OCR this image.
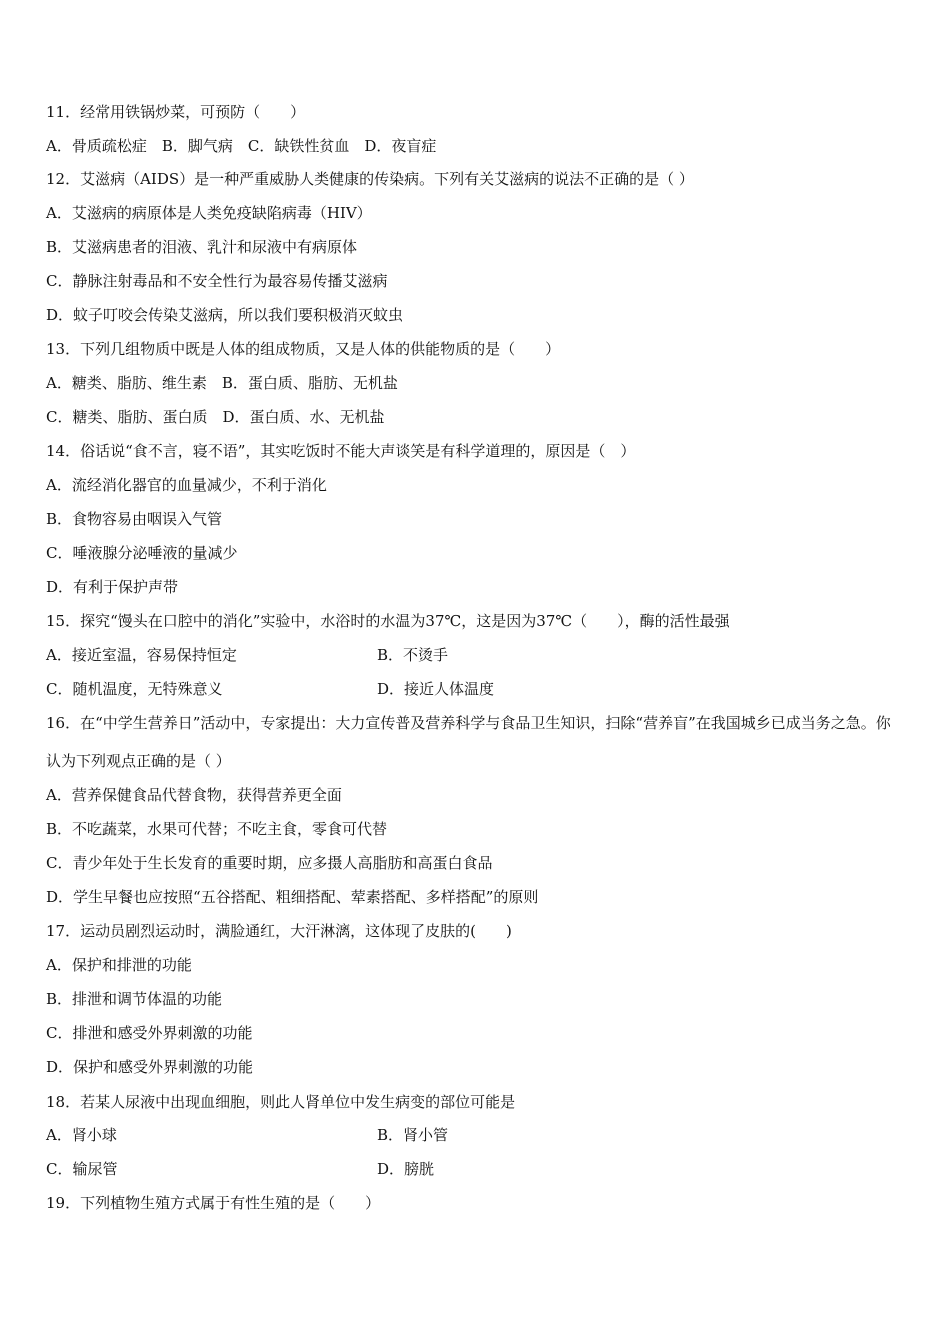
11．经常用铁锅炒菜，可预防（　　）
A．骨质疏松症　B．脚气病　C．缺铁性贫血　D．夜盲症
12．艾滋病（AIDS）是一种严重威胁人类健康的传染病。下列有关艾滋病的说法不正确的是（ ）
A．艾滋病的病原体是人类免疫缺陷病毒（HIV）
B．艾滋病患者的泪液、乳汁和尿液中有病原体
C．静脉注射毒品和不安全性行为最容易传播艾滋病
D．蚊子叮咬会传染艾滋病，所以我们要积极消灭蚊虫
13．下列几组物质中既是人体的组成物质，又是人体的供能物质的是（　　）
A．糖类、脂肪、维生素　B．蛋白质、脂肪、无机盐
C．糖类、脂肪、蛋白质　D．蛋白质、水、无机盐
14．俗话说“食不言，寝不语”，其实吃饭时不能大声谈笑是有科学道理的，原因是（　）
A．流经消化器官的血量减少，不利于消化
B．食物容易由咽误入气管
C．唾液腺分泌唾液的量减少
D．有利于保护声带
15．探究“馒头在口腔中的消化”实验中，水浴时的水温为37℃，这是因为37℃（　　），酶的活性最强
A．接近室温，容易保持恒定	B．不烫手
C．随机温度，无特殊意义	D．接近人体温度
16．在“中学生营养日”活动中，专家提出：大力宣传普及营养科学与食品卫生知识，扫除“营养盲”在我国城乡已成当务之急。你认为下列观点正确的是（ ）
A．营养保健食品代替食物，获得营养更全面
B．不吃蔬菜，水果可代替；不吃主食，零食可代替
C．青少年处于生长发育的重要时期，应多摄人高脂肪和高蛋白食品
D．学生早餐也应按照“五谷搭配、粗细搭配、荤素搭配、多样搭配”的原则
17．运动员剧烈运动时，满脸通红，大汗淋漓，这体现了皮肤的(　　)
A．保护和排泄的功能
B．排泄和调节体温的功能
C．排泄和感受外界刺激的功能
D．保护和感受外界刺激的功能
18．若某人尿液中出现血细胞，则此人肾单位中发生病变的部位可能是
A．肾小球	B．肾小管
C．输尿管	D．膀胱
19．下列植物生殖方式属于有性生殖的是（　　）
